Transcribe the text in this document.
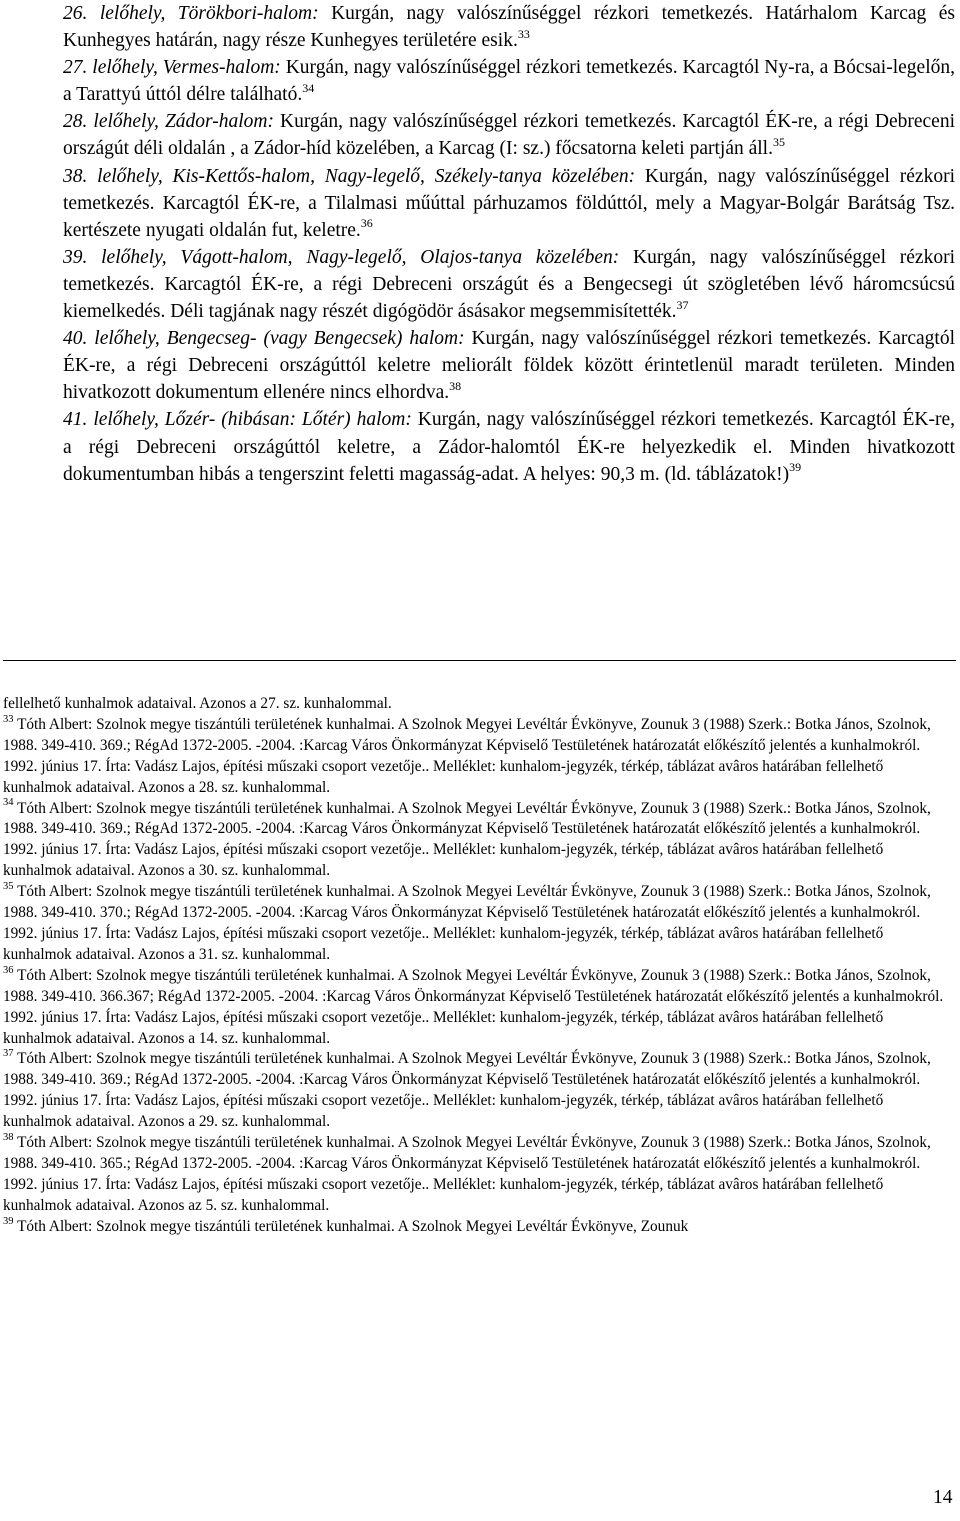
26. lelőhely, Törökbori-halom: Kurgán, nagy valószínűséggel rézkori temetkezés. Határhalom Karcag és Kunhegyes határán, nagy része Kunhegyes területére esik.$^{33}$

27. lelőhely, Vermes-halom: Kurgán, nagy valószínűséggel rézkori temetkezés. Karcagtól Ny-ra, a Bócsai-legelőn, a Tarattyú úttól délre található.$^{34}$

28. lelőhely, Zádor-halom: Kurgán, nagy valószínűséggel rézkori temetkezés. Karcagtól ÉK-re, a régi Debreceni országút déli oldalán , a Zádor-híd közelében, a Karcag (I: sz.) főcsatorna keleti partján áll.$^{35}$

38. lelőhely, Kis-Kettős-halom, Nagy-legelő, Székely-tanya közelében: Kurgán, nagy valószínűséggel rézkori temetkezés. Karcagtól ÉK-re, a Tilalmasi műúttal párhuzamos földúttól, mely a Magyar-Bolgár Barátság Tsz. kertészete nyugati oldalán fut, keletre.$^{36}$

39. lelőhely, Vágott-halom, Nagy-legelő, Olajos-tanya közelében: Kurgán, nagy valószínűséggel rézkori temetkezés. Karcagtól ÉK-re, a régi Debreceni országút és a Bengecsegi út szögletében lévő háromcsúcsú kiemelkedés. Déli tagjának nagy részét digógödör ásásakor megsemmisítették.$^{37}$

40. lelőhely, Bengecseg- (vagy Bengecsek) halom: Kurgán, nagy valószínűséggel rézkori temetkezés. Karcagtól ÉK-re, a régi Debreceni országúttól keletre meliorált földek között érintetlenül maradt területen. Minden hivatkozott dokumentum ellenére nincs elhordva.$^{38}$

41. lelőhely, Lőzér- (hibásan: Lőtér) halom: Kurgán, nagy valószínűséggel rézkori temetkezés. Karcagtól ÉK-re, a régi Debreceni országúttól keletre, a Zádor-halomtól ÉK-re helyezkedik el. Minden hivatkozott dokumentumban hibás a tengerszint feletti magasság-adat. A helyes: 90,3 m. (ld. táblázatok!)$^{39}$

fellelhető kunhalmok adataival. Azonos a 27. sz. kunhalommal.

$^{33}$ Tóth Albert: Szolnok megye tiszántúli területének kunhalmai. A Szolnok Megyei Levéltár Évkönyve, Zounuk 3 (1988) Szerk.: Botka János, Szolnok, 1988. 349-410. 369.; RégAd 1372-2005. -2004. :Karcag Város Önkormányzat Képviselő Testületének határozatát előkészítő jelentés a kunhalmokról. 1992. június 17. Írta: Vadász Lajos, építési műszaki csoport vezetője.. Melléklet: kunhalom-jegyzék, térkép, táblázat avâros határában fellelhető kunhalmok adataival. Azonos a 28. sz. kunhalommal.

$^{34}$ Tóth Albert: Szolnok megye tiszántúli területének kunhalmai. A Szolnok Megyei Levéltár Évkönyve, Zounuk 3 (1988) Szerk.: Botka János, Szolnok, 1988. 349-410. 369.; RégAd 1372-2005. -2004. :Karcag Város Önkormányzat Képviselő Testületének határozatát előkészítő jelentés a kunhalmokról. 1992. június 17. Írta: Vadász Lajos, építési műszaki csoport vezetője.. Melléklet: kunhalom-jegyzék, térkép, táblázat avâros határában fellelhető kunhalmok adataival. Azonos a 30. sz. kunhalommal.

$^{35}$ Tóth Albert: Szolnok megye tiszántúli területének kunhalmai. A Szolnok Megyei Levéltár Évkönyve, Zounuk 3 (1988) Szerk.: Botka János, Szolnok, 1988. 349-410. 370.; RégAd 1372-2005. -2004. :Karcag Város Önkormányzat Képviselő Testületének határozatát előkészítő jelentés a kunhalmokról. 1992. június 17. Írta: Vadász Lajos, építési műszaki csoport vezetője.. Melléklet: kunhalom-jegyzék, térkép, táblázat avâros határában fellelhető kunhalmok adataival. Azonos a 31. sz. kunhalommal.

$^{36}$ Tóth Albert: Szolnok megye tiszántúli területének kunhalmai. A Szolnok Megyei Levéltár Évkönyve, Zounuk 3 (1988) Szerk.: Botka János, Szolnok, 1988. 349-410. 366.367; RégAd 1372-2005. -2004. :Karcag Város Önkormányzat Képviselő Testületének határozatát előkészítő jelentés a kunhalmokról. 1992. június 17. Írta: Vadász Lajos, építési műszaki csoport vezetője.. Melléklet: kunhalom-jegyzék, térkép, táblázat avâros határában fellelhető kunhalmok adataival. Azonos a 14. sz. kunhalommal.

$^{37}$ Tóth Albert: Szolnok megye tiszántúli területének kunhalmai. A Szolnok Megyei Levéltár Évkönyve, Zounuk 3 (1988) Szerk.: Botka János, Szolnok, 1988. 349-410. 369.; RégAd 1372-2005. -2004. :Karcag Város Önkormányzat Képviselő Testületének határozatát előkészítő jelentés a kunhalmokról. 1992. június 17. Írta: Vadász Lajos, építési műszaki csoport vezetője.. Melléklet: kunhalom-jegyzék, térkép, táblázat avâros határában fellelhető kunhalmok adataival. Azonos a 29. sz. kunhalommal.

$^{38}$ Tóth Albert: Szolnok megye tiszántúli területének kunhalmai. A Szolnok Megyei Levéltár Évkönyve, Zounuk 3 (1988) Szerk.: Botka János, Szolnok, 1988. 349-410. 365.; RégAd 1372-2005. -2004. :Karcag Város Önkormányzat Képviselő Testületének határozatát előkészítő jelentés a kunhalmokról. 1992. június 17. Írta: Vadász Lajos, építési műszaki csoport vezetője.. Melléklet: kunhalom-jegyzék, térkép, táblázat avâros határában fellelhető kunhalmok adataival. Azonos az 5. sz. kunhalommal.

$^{39}$ Tóth Albert: Szolnok megye tiszántúli területének kunhalmai. A Szolnok Megyei Levéltár Évkönyve, Zounuk

14
